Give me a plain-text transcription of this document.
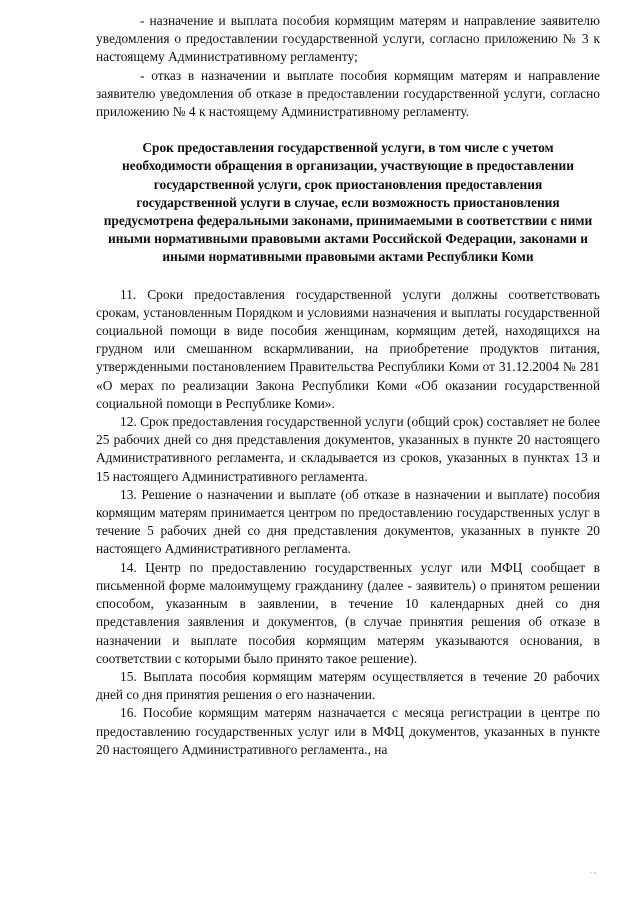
- назначение и выплата пособия кормящим матерям и направление заявителю уведомления о предоставлении государственной услуги, согласно приложению № 3 к настоящему Административному регламенту;

- отказ в назначении и выплате пособия кормящим матерям и направление заявителю уведомления об отказе в предоставлении государственной услуги, согласно приложению № 4 к настоящему Административному регламенту.

Срок предоставления государственной услуги, в том числе с учетом необходимости обращения в организации, участвующие в предоставлении государственной услуги, срок приостановления предоставления государственной услуги в случае, если возможность приостановления предусмотрена федеральными законами, принимаемыми в соответствии с ними иными нормативными правовыми актами Российской Федерации, законами и иными нормативными правовыми актами Республики Коми

11. Сроки предоставления государственной услуги должны соответствовать срокам, установленным Порядком и условиями назначения и выплаты государственной социальной помощи в виде пособия женщинам, кормящим детей, находящихся на грудном или смешанном вскармливании, на приобретение продуктов питания, утвержденными постановлением Правительства Республики Коми от 31.12.2004 № 281 «О мерах по реализации Закона Республики Коми «Об оказании государственной социальной помощи в Республике Коми».

12. Срок предоставления государственной услуги (общий срок) составляет не более 25 рабочих дней со дня представления документов, указанных в пункте 20 настоящего Административного регламента, и складывается из сроков, указанных в пунктах 13 и 15 настоящего Административного регламента.

13. Решение о назначении и выплате (об отказе в назначении и выплате) пособия кормящим матерям принимается центром по предоставлению государственных услуг в течение 5 рабочих дней со дня представления документов, указанных в пункте 20 настоящего Административного регламента.

14. Центр по предоставлению государственных услуг или МФЦ сообщает в письменной форме малоимущему гражданину (далее - заявитель) о принятом решении способом, указанным в заявлении, в течение 10 календарных дней со дня представления заявления и документов, (в случае принятия решения об отказе в назначении и выплате пособия кормящим матерям указываются основания, в соответствии с которыми было принято такое решение).

15. Выплата пособия кормящим матерям осуществляется в течение 20 рабочих дней со дня принятия решения о его назначении.

16. Пособие кормящим матерям назначается с месяца регистрации в центре по предоставлению государственных услуг или в МФЦ документов, указанных в пункте 20 настоящего Административного регламента., на

. ,
